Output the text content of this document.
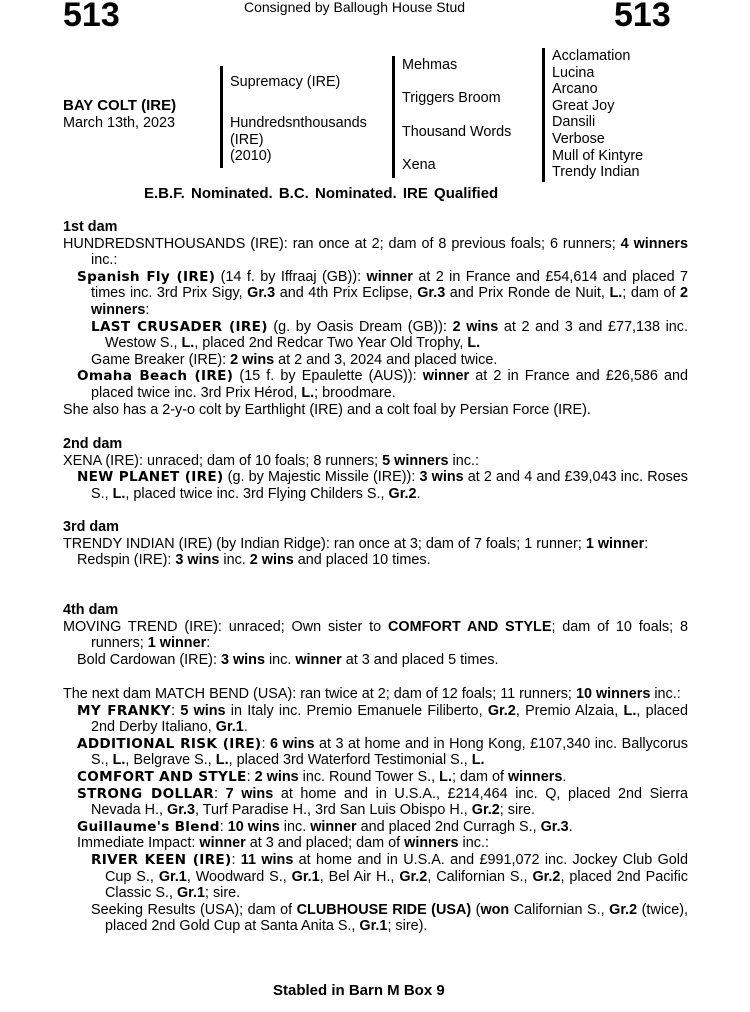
513	Consigned by Ballough House Stud	513
BAY COLT (IRE)
March 13th, 2023
Supremacy (IRE)
Hundredsnthousands
(IRE)
(2010)
Mehmas
Triggers Broom
Thousand Words
Xena
Acclamation
Lucina
Arcano
Great Joy
Dansili
Verbose
Mull of Kintyre
Trendy Indian
E.B.F. Nominated. B.C. Nominated. IRE Qualified
1st dam

HUNDREDSNTHOUSANDS (IRE): ran once at 2; dam of 8 previous foals; 6 runners; 4 winners inc.:

Spanish Fly (IRE) (14 f. by Iffraaj (GB)): winner at 2 in France and £54,614 and placed 7 times inc. 3rd Prix Sigy, Gr.3 and 4th Prix Eclipse, Gr.3 and Prix Ronde de Nuit, L.; dam of 2 winners:

LAST CRUSADER (IRE) (g. by Oasis Dream (GB)): 2 wins at 2 and 3 and £77,138 inc. Westow S., L., placed 2nd Redcar Two Year Old Trophy, L.

Game Breaker (IRE): 2 wins at 2 and 3, 2024 and placed twice.

Omaha Beach (IRE) (15 f. by Epaulette (AUS)): winner at 2 in France and £26,586 and placed twice inc. 3rd Prix Hérod, L.; broodmare.

She also has a 2-y-o colt by Earthlight (IRE) and a colt foal by Persian Force (IRE).

2nd dam

XENA (IRE): unraced; dam of 10 foals; 8 runners; 5 winners inc.:

NEW PLANET (IRE) (g. by Majestic Missile (IRE)): 3 wins at 2 and 4 and £39,043 inc. Roses S., L., placed twice inc. 3rd Flying Childers S., Gr.2.

3rd dam

TRENDY INDIAN (IRE) (by Indian Ridge): ran once at 3; dam of 7 foals; 1 runner; 1 winner:

Redspin (IRE): 3 wins inc. 2 wins and placed 10 times.

4th dam

MOVING TREND (IRE): unraced; Own sister to COMFORT AND STYLE; dam of 10 foals; 8 runners; 1 winner:

Bold Cardowan (IRE): 3 wins inc. winner at 3 and placed 5 times.

The next dam MATCH BEND (USA): ran twice at 2; dam of 12 foals; 11 runners; 10 winners inc.:

MY FRANKY: 5 wins in Italy inc. Premio Emanuele Filiberto, Gr.2, Premio Alzaia, L., placed 2nd Derby Italiano, Gr.1.

ADDITIONAL RISK (IRE): 6 wins at 3 at home and in Hong Kong, £107,340 inc. Ballycorus S., L., Belgrave S., L., placed 3rd Waterford Testimonial S., L.

COMFORT AND STYLE: 2 wins inc. Round Tower S., L.; dam of winners.

STRONG DOLLAR: 7 wins at home and in U.S.A., £214,464 inc. Q, placed 2nd Sierra Nevada H., Gr.3, Turf Paradise H., 3rd San Luis Obispo H., Gr.2; sire.

Guillaume's Blend: 10 wins inc. winner and placed 2nd Curragh S., Gr.3.

Immediate Impact: winner at 3 and placed; dam of winners inc.:

RIVER KEEN (IRE): 11 wins at home and in U.S.A. and £991,072 inc. Jockey Club Gold Cup S., Gr.1, Woodward S., Gr.1, Bel Air H., Gr.2, Californian S., Gr.2, placed 2nd Pacific Classic S., Gr.1; sire.

Seeking Results (USA); dam of CLUBHOUSE RIDE (USA) (won Californian S., Gr.2 (twice), placed 2nd Gold Cup at Santa Anita S., Gr.1; sire).

Stabled in Barn M Box 9
